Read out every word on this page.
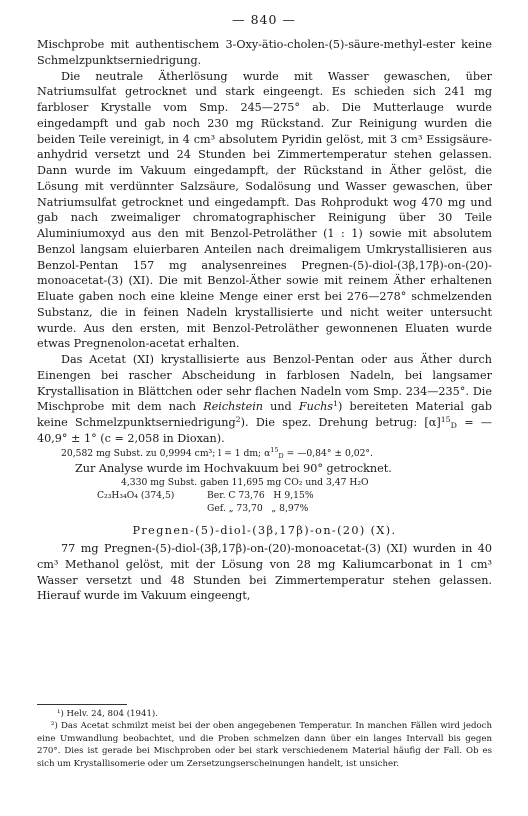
— 840 —

Mischprobe mit authentischem 3-Oxy-ätio-cholen-(5)-säure-methyl-ester keine Schmelzpunktserniedrigung.

Die neutrale Ätherlösung wurde mit Wasser gewaschen, über Natriumsulfat getrocknet und stark eingeengt. Es schieden sich 241 mg farbloser Krystalle vom Smp. 245—275° ab. Die Mutterlauge wurde eingedampft und gab noch 230 mg Rückstand. Zur Reinigung wurden die beiden Teile vereinigt, in 4 cm³ absolutem Pyridin gelöst, mit 3 cm³ Essigsäure-anhydrid versetzt und 24 Stunden bei Zimmertemperatur stehen gelassen. Dann wurde im Vakuum eingedampft, der Rückstand in Äther gelöst, die Lösung mit verdünnter Salzsäure, Sodalösung und Wasser gewaschen, über Natriumsulfat getrocknet und eingedampft. Das Rohprodukt wog 470 mg und gab nach zweimaliger chromatographischer Reinigung über 30 Teile Aluminiumoxyd aus den mit Benzol-Petroläther (1 : 1) sowie mit absolutem Benzol langsam eluierbaren Anteilen nach dreimaligem Umkrystallisieren aus Benzol-Pentan 157 mg analysenreines Pregnen-(5)-diol-(3β,17β)-on-(20)-monoacetat-(3) (XI). Die mit Benzol-Äther sowie mit reinem Äther erhaltenen Eluate gaben noch eine kleine Menge einer erst bei 276—278° schmelzenden Substanz, die in feinen Nadeln krystallisierte und nicht weiter untersucht wurde. Aus den ersten, mit Benzol-Petroläther gewonnenen Eluaten wurde etwas Pregnenolon-acetat erhalten.

Das Acetat (XI) krystallisierte aus Benzol-Pentan oder aus Äther durch Einengen bei rascher Abscheidung in farblosen Nadeln, bei langsamer Krystallisation in Blättchen oder sehr flachen Nadeln vom Smp. 234—235°. Die Mischprobe mit dem nach Reichstein und Fuchs$^1$) bereiteten Material gab keine Schmelzpunktserniedrigung$^2$). Die spez. Drehung betrug: $[\alpha]^{15}_D$ = —40,9° ± 1° (c = 2,058 in Dioxan).

20,582 mg Subst. zu 0,9994 cm³; l = 1 dm; $\alpha^{15}_D$ = —0,84° ± 0,02°.

Zur Analyse wurde im Hochvakuum bei 90° getrocknet.

4,330 mg Subst. gaben 11,695 mg CO₂ und 3,47 H₂O

C₂₃H₃₄O₄ (374,5)	Ber. C 73,76   H 9,15%
Gef. „ 73,70   „ 8,97%
Pregnen-(5)-diol-(3β,17β)-on-(20) (X).

77 mg Pregnen-(5)-diol-(3β,17β)-on-(20)-monoacetat-(3) (XI) wurden in 40 cm³ Methanol gelöst, mit der Lösung von 28 mg Kaliumcarbonat in 1 cm³ Wasser versetzt und 48 Stunden bei Zimmertemperatur stehen gelassen. Hierauf wurde im Vakuum eingeengt,

¹) Helv. 24, 804 (1941).

²) Das Acetat schmilzt meist bei der oben angegebenen Temperatur. In manchen Fällen wird jedoch eine Umwandlung beobachtet, und die Proben schmelzen dann über ein langes Intervall bis gegen 270°. Dies ist gerade bei Mischproben oder bei stark verschiedenem Material häufig der Fall. Ob es sich um Krystallisomerie oder um Zersetzungserscheinungen handelt, ist unsicher.
